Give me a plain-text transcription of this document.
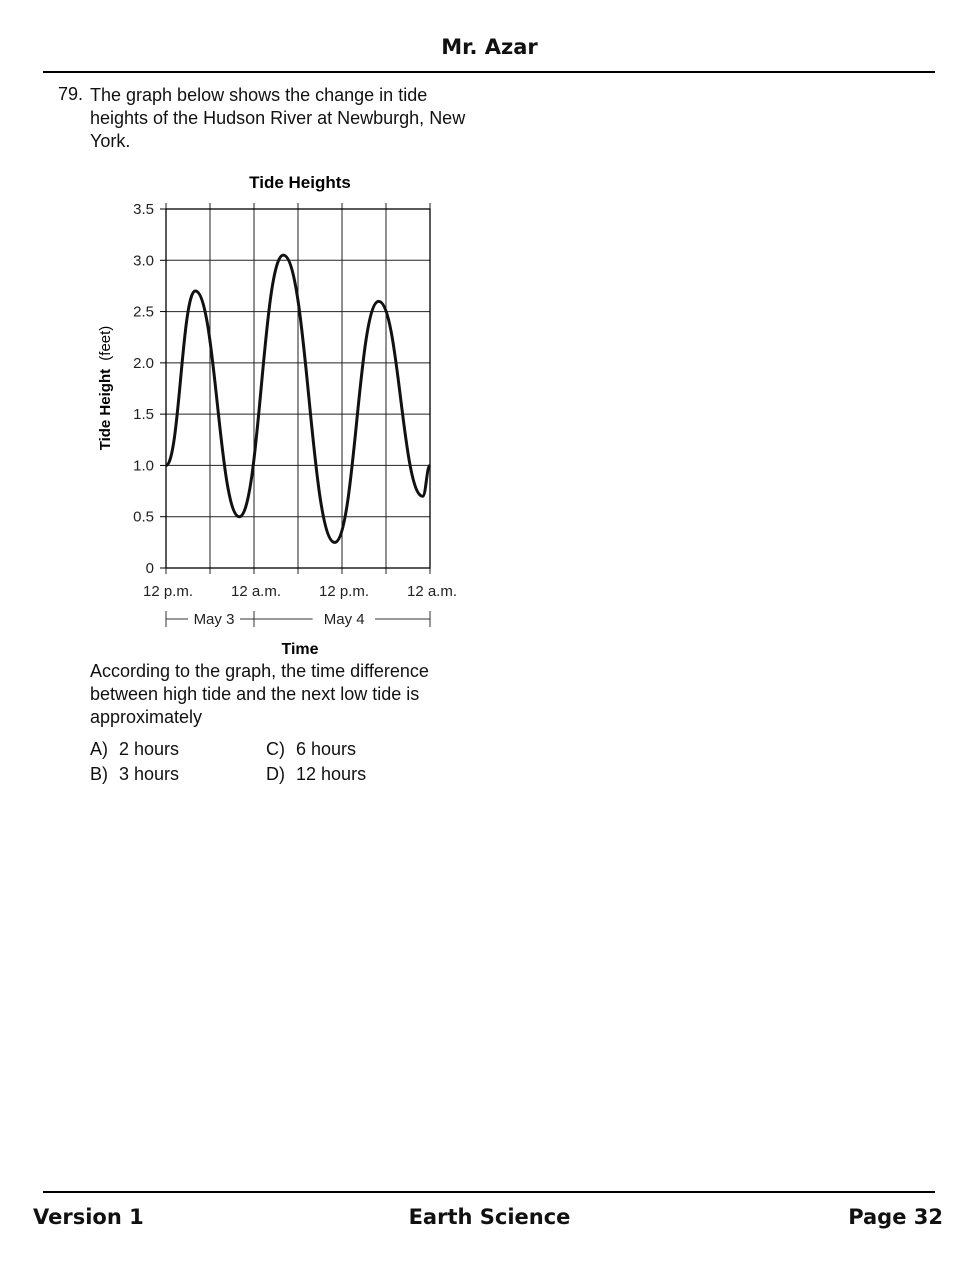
Mr. Azar
79. The graph below shows the change in tide heights of the Hudson River at Newburgh, New York.
0
0.5
1.0
1.5
2.0
2.5
3.0
3.5
12 p.m.	12 a.m.	12 p.m.	12 a.m.
Tide Heights
Tide Height (feet)
May 3	May 4
Time
According to the graph, the time difference between high tide and the next low tide is approximately
A) 2 hours
B) 3 hours
C) 6 hours
D) 12 hours
Version 1	Earth Science	Page 32
